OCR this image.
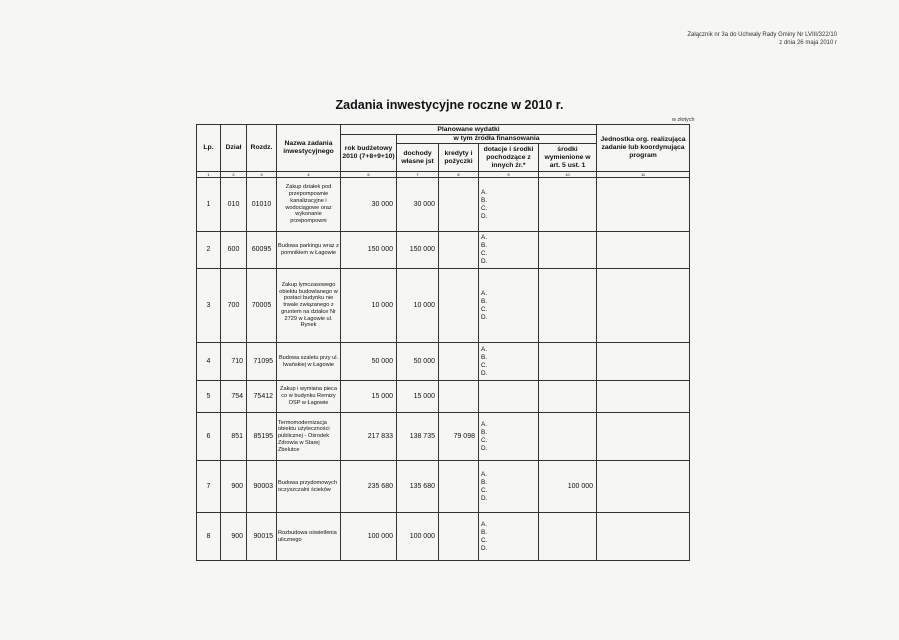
Załącznik nr 3a do Uchwały Rady Gminy Nr LVIII/322/10
z dnia 26 maja 2010 r
Zadania inwestycyjne roczne w 2010 r.
w złotych
Lp.	Dział	Rozdz.	Nazwa zadania inwestycyjnego	Planowane wydatki					Jednostka org. realizująca zadanie lub koordynująca program
				rok budżetowy 2010 (7+8+9+10)	w tym źródła finansowania				
					dochody własne jst	kredyty i pożyczki	dotacje i środki pochodzące z innych źr.*	środki wymienione w art. 5 ust. 1	

1	2	3	4	6	7	8	9	10	11
1	010	01010	Zakup działek pod przepompownie kanalizacyjne i wodociągowe oraz wykonanie przepompowni	30 000	30 000		A.
B.
C.
D.		

2	600	60095	Budowa parkingu wraz z pomnikiem w Łagowie	150 000	150 000		A.
B.
C.
D.		

3	700	70005	Zakup lymczasowego obiektu budowlanego w postaci budynku nie trwale związanego z gruntem na działce Nr 2729 w Łagowie ul. Rynek	10 000	10 000		A.
B.
C.
D.		

4	710	71095	Budowa szaletu przy ul. Iwańskiej w Łagowie	50 000	50 000		A.
B.
C.
D.		

5	754	75412	Zakup i wymiana pieca co w budynku Remizy OSP w Łagowie	15 000	15 000				
6	851	85195	Termomodernizacja obiektu użyteczności publicznej - Ośrodek Zdrowia w Starej Zbelutce	217 833	138 735	79 098	A.
B.
C.
D.		

7	900	90003	Budowa przydomowych oczyszczalni ścieków	235 680	135 680		A.
B.
C.
D.	100 000	
8	900	90015	Rozbudowa oświetlenia ulicznego	100 000	100 000		A.
B.
C.
D.		
